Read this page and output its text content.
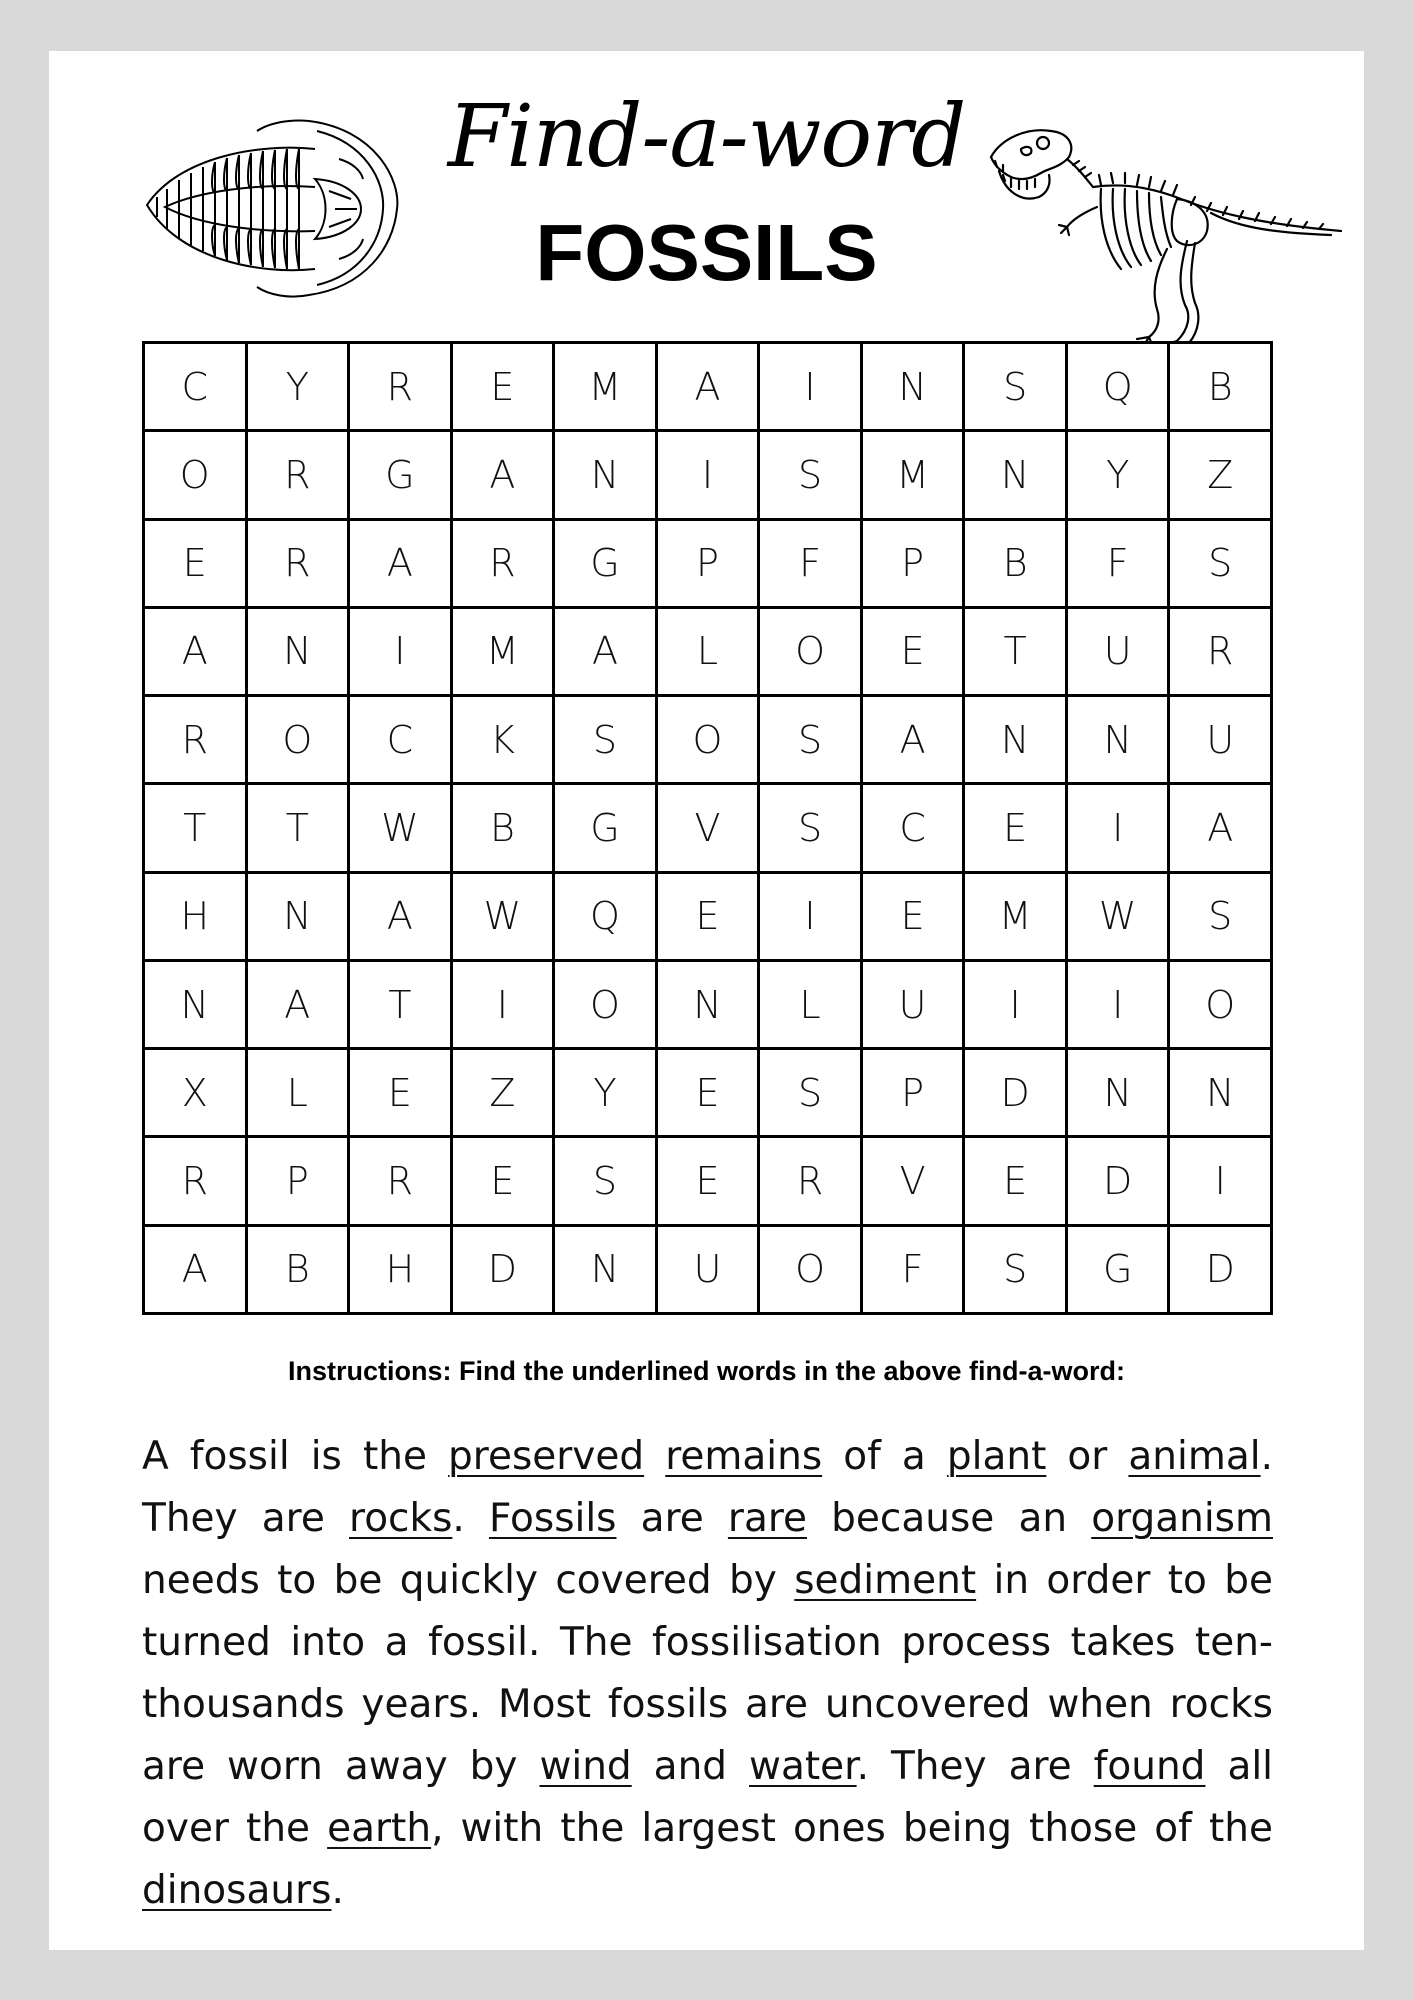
Find-a-word
FOSSILS
C	Y	R	E	M	A	I	N	S	Q	B
O	R	G	A	N	I	S	M	N	Y	Z
E	R	A	R	G	P	F	P	B	F	S
A	N	I	M	A	L	O	E	T	U	R
R	O	C	K	S	O	S	A	N	N	U
T	T	W	B	G	V	S	C	E	I	A
H	N	A	W	Q	E	I	E	M	W	S
N	A	T	I	O	N	L	U	I	I	O
X	L	E	Z	Y	E	S	P	D	N	N
R	P	R	E	S	E	R	V	E	D	I
A	B	H	D	N	U	O	F	S	G	D
Instructions: Find the underlined words in the above find-a-word:
A fossil is the preserved remains of a plant or animal. They are rocks. Fossils are rare because an organism needs to be quickly covered by sediment in order to be turned into a fossil. The fossilisation process takes ten-thousands years. Most fossils are uncovered when rocks are worn away by wind and water. They are found all over the earth, with the largest ones being those of the dinosaurs.
